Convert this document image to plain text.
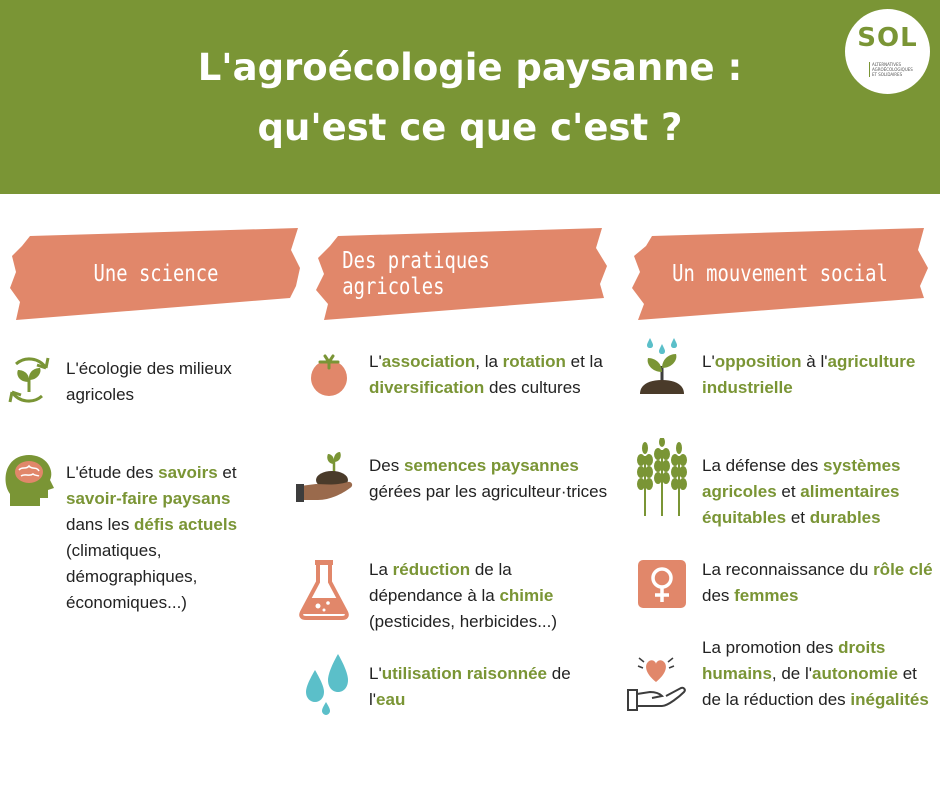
L'agroécologie paysanne :
qu'est ce que c'est ?
SOL
ALTERNATIVES AGROÉCOLOGIQUES ET SOLIDAIRES
Une science	Des pratiques agricoles	Un mouvement social
L'écologie des milieux agricoles
L'étude des savoirs et savoir-faire paysans dans les défis actuels (climatiques, démographiques, économiques...)
L'association, la rotation et la diversification des cultures
Des semences paysannes gérées par les agriculteur·trices
La réduction de la dépendance à la chimie (pesticides, herbicides...)
L'utilisation raisonnée de l'eau
L'opposition à l'agriculture industrielle
La défense des systèmes agricoles et alimentaires équitables et durables
La reconnaissance du rôle clé des femmes
La promotion des droits humains, de l'autonomie et de la réduction des inégalités
